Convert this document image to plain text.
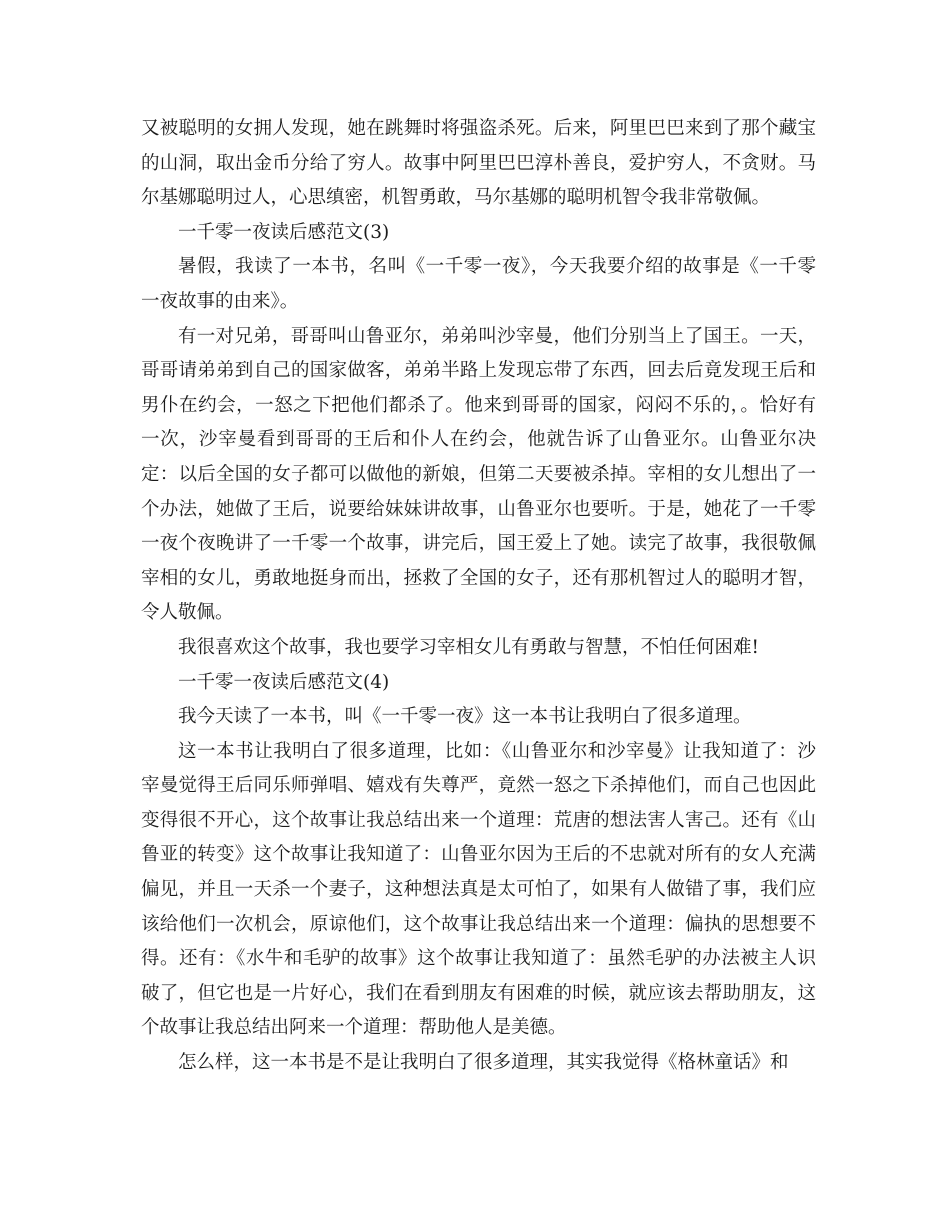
又被聪明的女拥人发现，她在跳舞时将强盗杀死。后来，阿里巴巴来到了那个藏宝的山洞，取出金币分给了穷人。故事中阿里巴巴淳朴善良，爱护穷人，不贪财。马尔基娜聪明过人，心思缜密，机智勇敢，马尔基娜的聪明机智令我非常敬佩。

一千零一夜读后感范文(3)

暑假，我读了一本书，名叫《一千零一夜》，今天我要介绍的故事是《一千零一夜故事的由来》。

有一对兄弟，哥哥叫山鲁亚尔，弟弟叫沙宰曼，他们分别当上了国王。一天，哥哥请弟弟到自己的国家做客，弟弟半路上发现忘带了东西，回去后竟发现王后和男仆在约会，一怒之下把他们都杀了。他来到哥哥的国家，闷闷不乐的，。恰好有一次，沙宰曼看到哥哥的王后和仆人在约会，他就告诉了山鲁亚尔。山鲁亚尔决定：以后全国的女子都可以做他的新娘，但第二天要被杀掉。宰相的女儿想出了一个办法，她做了王后，说要给妹妹讲故事，山鲁亚尔也要听。于是，她花了一千零一夜个夜晚讲了一千零一个故事，讲完后，国王爱上了她。读完了故事，我很敬佩宰相的女儿，勇敢地挺身而出，拯救了全国的女子，还有那机智过人的聪明才智，令人敬佩。

我很喜欢这个故事，我也要学习宰相女儿有勇敢与智慧，不怕任何困难!

一千零一夜读后感范文(4)

我今天读了一本书，叫《一千零一夜》这一本书让我明白了很多道理。

这一本书让我明白了很多道理，比如：《山鲁亚尔和沙宰曼》让我知道了：沙宰曼觉得王后同乐师弹唱、嬉戏有失尊严，竟然一怒之下杀掉他们，而自己也因此变得很不开心，这个故事让我总结出来一个道理：荒唐的想法害人害己。还有《山鲁亚的转变》这个故事让我知道了：山鲁亚尔因为王后的不忠就对所有的女人充满偏见，并且一天杀一个妻子，这种想法真是太可怕了，如果有人做错了事，我们应该给他们一次机会，原谅他们，这个故事让我总结出来一个道理：偏执的思想要不得。还有：《水牛和毛驴的故事》这个故事让我知道了：虽然毛驴的办法被主人识破了，但它也是一片好心，我们在看到朋友有困难的时候，就应该去帮助朋友，这个故事让我总结出阿来一个道理：帮助他人是美德。

怎么样，这一本书是不是让我明白了很多道理，其实我觉得《格林童话》和
